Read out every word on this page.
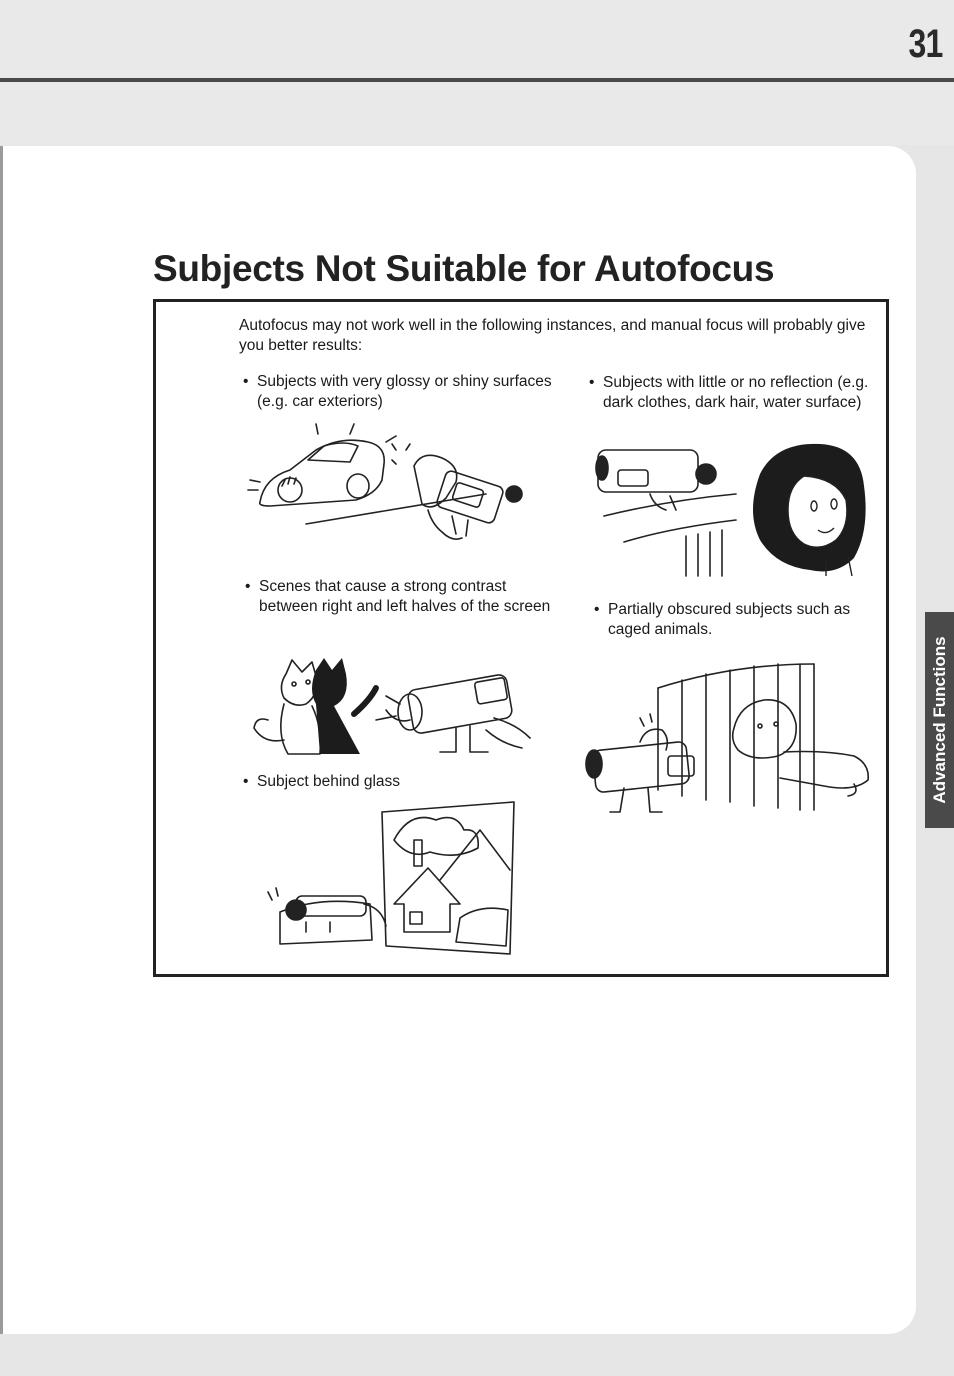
31
Subjects Not Suitable for Autofocus

Autofocus may not work well in the following instances, and manual focus will probably give you better results:

• Subjects with very glossy or shiny surfaces (e.g. car exteriors)

• Subjects with little or no reflection (e.g. dark clothes, dark hair, water surface)

• Scenes that cause a strong contrast between right and left halves of the screen

•	Partially obscured subjects such as caged animals.

• Subject behind glass	Advanced Functions
